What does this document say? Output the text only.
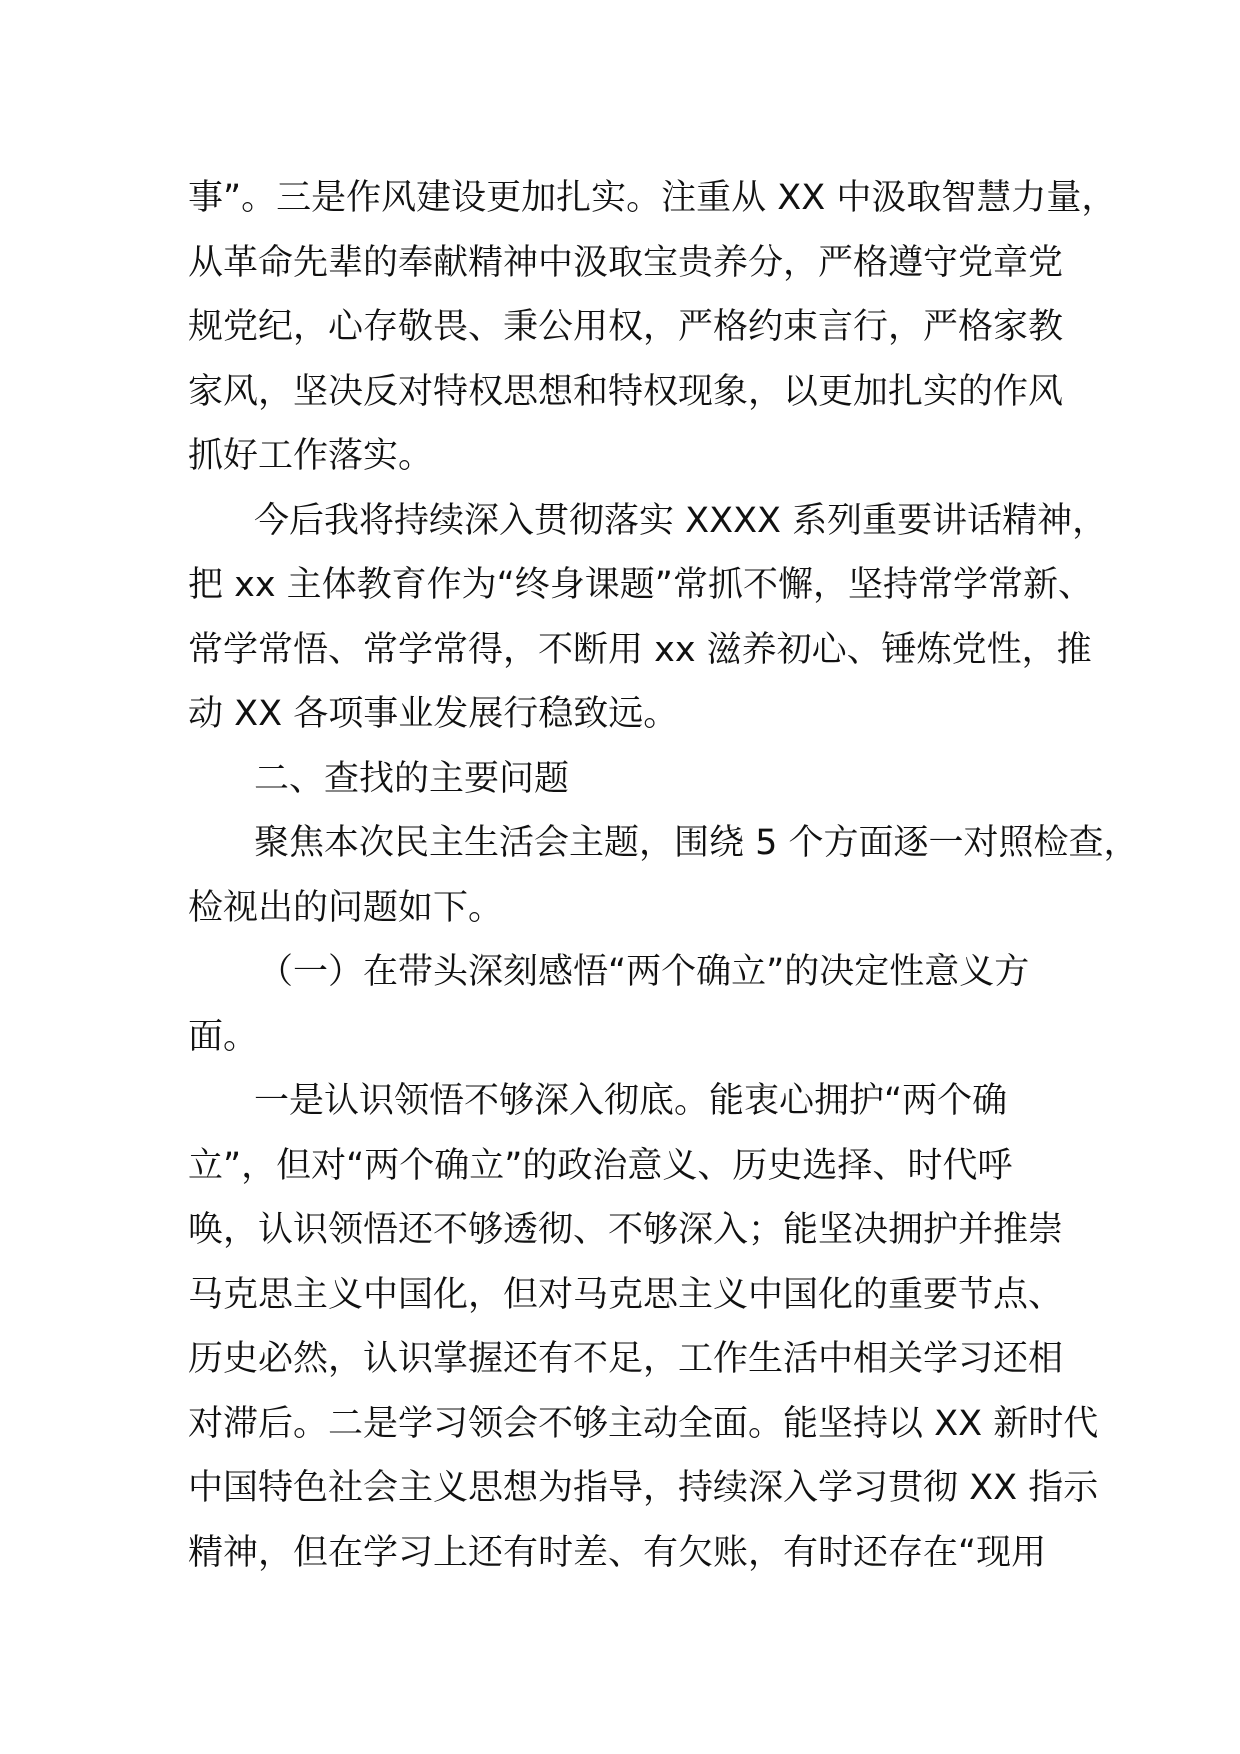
事”。三是作风建设更加扎实。注重从 XX 中汲取智慧力量，
从革命先辈的奉献精神中汲取宝贵养分，严格遵守党章党
规党纪，心存敬畏、秉公用权，严格约束言行，严格家教
家风，坚决反对特权思想和特权现象，以更加扎实的作风
抓好工作落实。
今后我将持续深入贯彻落实 XXXX 系列重要讲话精神，
把 xx 主体教育作为“终身课题”常抓不懈，坚持常学常新、
常学常悟、常学常得，不断用 xx 滋养初心、锤炼党性，推
动 XX 各项事业发展行稳致远。
二、查找的主要问题
聚焦本次民主生活会主题，围绕 5 个方面逐一对照检查，
检视出的问题如下。
（一）在带头深刻感悟“两个确立”的决定性意义方
面。
一是认识领悟不够深入彻底。能衷心拥护“两个确
立”，但对“两个确立”的政治意义、历史选择、时代呼
唤，认识领悟还不够透彻、不够深入；能坚决拥护并推崇
马克思主义中国化，但对马克思主义中国化的重要节点、
历史必然，认识掌握还有不足，工作生活中相关学习还相
对滞后。二是学习领会不够主动全面。能坚持以 XX 新时代
中国特色社会主义思想为指导，持续深入学习贯彻 XX 指示
精神，但在学习上还有时差、有欠账，有时还存在“现用
